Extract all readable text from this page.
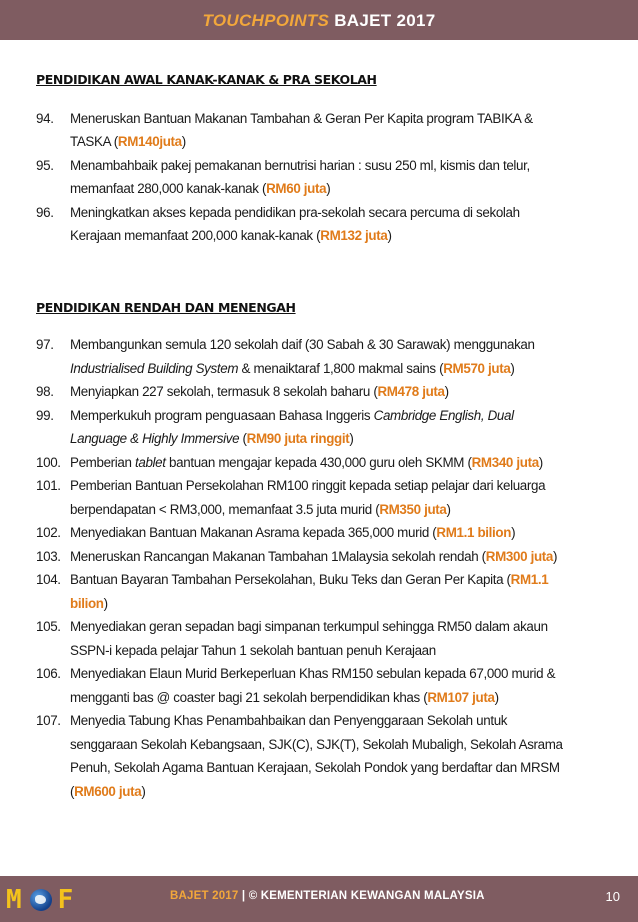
TOUCHPOINTS BAJET 2017
PENDIDIKAN AWAL KANAK-KANAK & PRA SEKOLAH
94. Meneruskan Bantuan Makanan Tambahan & Geran Per Kapita program TABIKA &
TASKA (RM140juta)
95. Menambahbaik pakej pemakanan bernutrisi harian : susu 250 ml, kismis dan telur,
memanfaat 280,000 kanak-kanak (RM60 juta)
96. Meningkatkan akses kepada pendidikan pra-sekolah secara percuma di sekolah
Kerajaan memanfaat 200,000 kanak-kanak (RM132 juta)
PENDIDIKAN RENDAH DAN MENENGAH
97. Membangunkan semula 120 sekolah daif (30 Sabah & 30 Sarawak) menggunakan
Industrialised Building System & menaiktaraf 1,800 makmal sains (RM570 juta)
98. Menyiapkan 227 sekolah, termasuk 8 sekolah baharu (RM478 juta)
99. Memperkukuh program penguasaan Bahasa Inggeris Cambridge English, Dual
Language & Highly Immersive (RM90 juta ringgit)
100. Pemberian tablet bantuan mengajar kepada 430,000 guru oleh SKMM (RM340 juta)
101. Pemberian Bantuan Persekolahan RM100 ringgit kepada setiap pelajar dari keluarga
berpendapatan < RM3,000, memanfaat 3.5 juta murid (RM350 juta)
102. Menyediakan Bantuan Makanan Asrama kepada 365,000 murid (RM1.1 bilion)
103. Meneruskan Rancangan Makanan Tambahan 1Malaysia sekolah rendah (RM300 juta)
104. Bantuan Bayaran Tambahan Persekolahan, Buku Teks dan Geran Per Kapita (RM1.1
bilion)
105. Menyediakan geran sepadan bagi simpanan terkumpul sehingga RM50 dalam akaun
SSPN-i kepada pelajar Tahun 1 sekolah bantuan penuh Kerajaan
106. Menyediakan Elaun Murid Berkeperluan Khas RM150 sebulan kepada 67,000 murid &
mengganti bas @ coaster bagi 21 sekolah berpendidikan khas (RM107 juta)
107. Menyedia Tabung Khas Penambahbaikan dan Penyenggaraan Sekolah untuk
senggaraan Sekolah Kebangsaan, SJK(C), SJK(T), Sekolah Mubaligh, Sekolah Asrama
Penuh, Sekolah Agama Bantuan Kerajaan, Sekolah Pondok yang berdaftar dan MRSM
(RM600 juta)
M F	BAJET 2017 | © KEMENTERIAN KEWANGAN MALAYSIA	10
